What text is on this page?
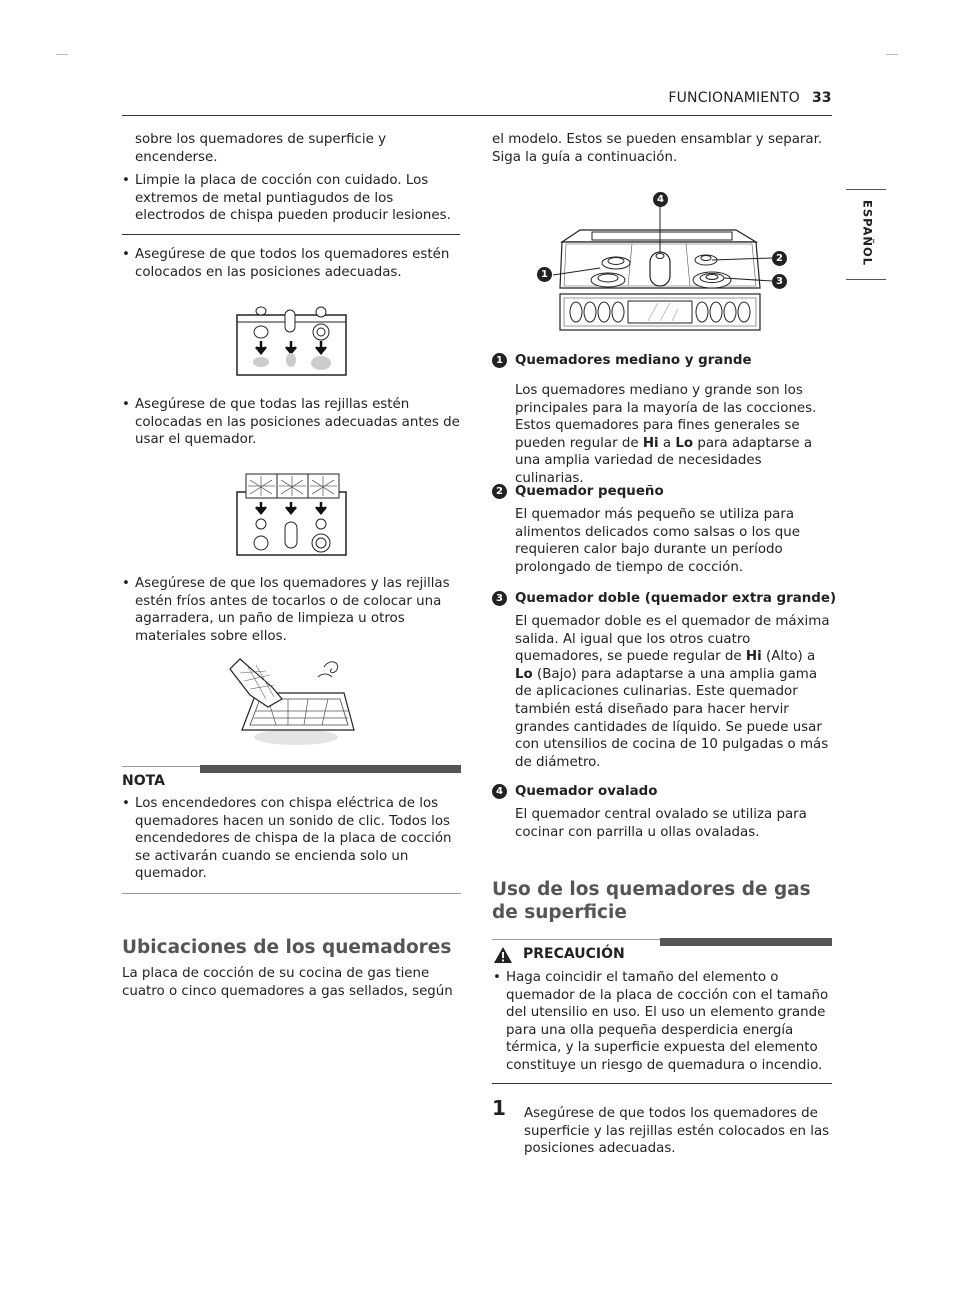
FUNCIONAMIENTO 33
ESPAÑOL

sobre los quemadores de superficie y encenderse.

• Limpie la placa de cocción con cuidado. Los extremos de metal puntiagudos de los electrodos de chispa pueden producir lesiones.

• Asegúrese de que todos los quemadores estén colocados en las posiciones adecuadas.

• Asegúrese de que todas las rejillas estén colocadas en las posiciones adecuadas antes de usar el quemador.

• Asegúrese de que los quemadores y las rejillas estén fríos antes de tocarlos o de colocar una agarradera, un paño de limpieza u otros materiales sobre ellos.

NOTA

• Los encendedores con chispa eléctrica de los quemadores hacen un sonido de clic. Todos los encendedores de chispa de la placa de cocción se activarán cuando se encienda solo un quemador.

Ubicaciones de los quemadores

La placa de cocción de su cocina de gas tiene cuatro o cinco quemadores a gas sellados, según

el modelo. Estos se pueden ensamblar y separar. Siga la guía a continuación.

1
4
2
3
1 Quemadores mediano y grande

Los quemadores mediano y grande son los principales para la mayoría de las cocciones. Estos quemadores para fines generales se pueden regular de Hi a Lo para adaptarse a una amplia variedad de necesidades culinarias.

2 Quemador pequeño

El quemador más pequeño se utiliza para alimentos delicados como salsas o los que requieren calor bajo durante un período prolongado de tiempo de cocción.

3 Quemador doble (quemador extra grande)

El quemador doble es el quemador de máxima salida. Al igual que los otros cuatro quemadores, se puede regular de Hi (Alto) a Lo (Bajo) para adaptarse a una amplia gama de aplicaciones culinarias. Este quemador también está diseñado para hacer hervir grandes cantidades de líquido. Se puede usar con utensilios de cocina de 10 pulgadas o más de diámetro.

4 Quemador ovalado

El quemador central ovalado se utiliza para cocinar con parrilla u ollas ovaladas.

Uso de los quemadores de gas de superficie
PRECAUCIÓN

• Haga coincidir el tamaño del elemento o quemador de la placa de cocción con el tamaño del utensilio en uso. El uso un elemento grande para una olla pequeña desperdicia energía térmica, y la superficie expuesta del elemento constituye un riesgo de quemadura o incendio.

1 Asegúrese de que todos los quemadores de superficie y las rejillas estén colocados en las posiciones adecuadas.
